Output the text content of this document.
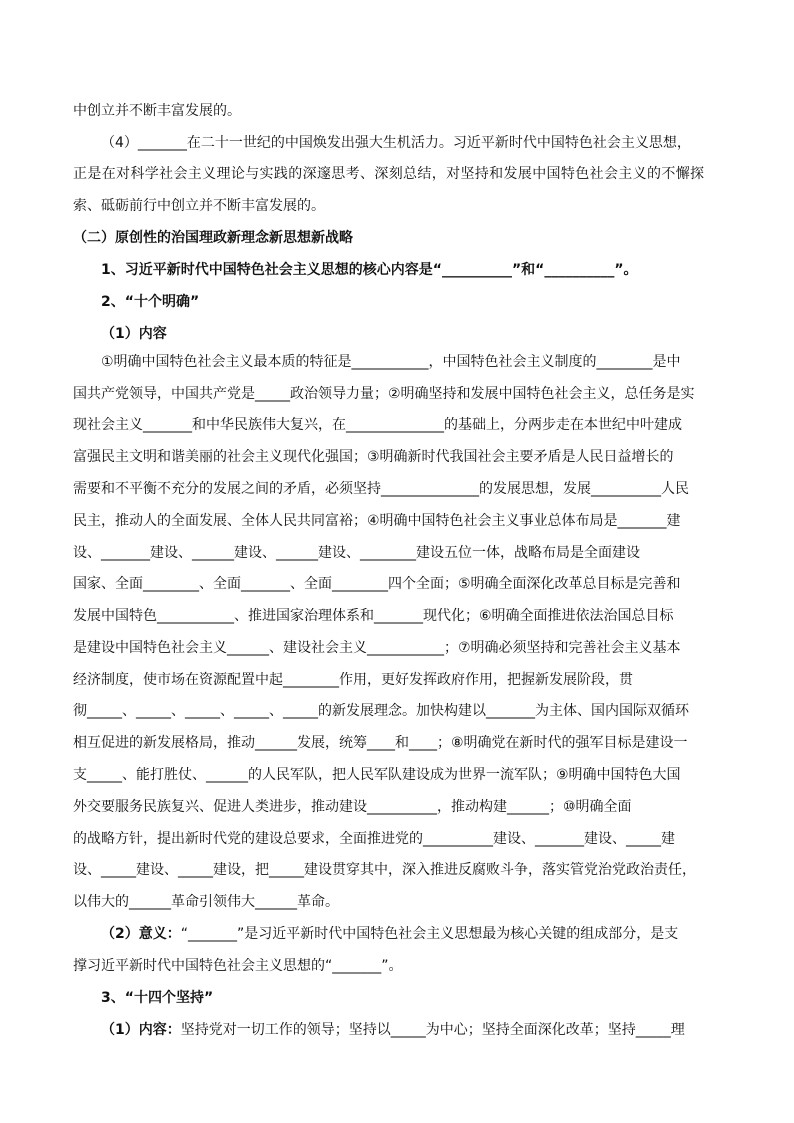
中创立并不断丰富发展的。
（4）_______在二十一世纪的中国焕发出强大生机活力。习近平新时代中国特色社会主义思想，
正是在对科学社会主义理论与实践的深邃思考、深刻总结，对坚持和发展中国特色社会主义的不懈探
索、砥砺前行中创立并不断丰富发展的。
（二）原创性的治国理政新理念新思想新战略
1、习近平新时代中国特色社会主义思想的核心内容是“__________”和“__________”。
2、“十个明确”
（1）内容
①明确中国特色社会主义最本质的特征是___________，中国特色社会主义制度的________是中
国共产党领导，中国共产党是_____政治领导力量；②明确坚持和发展中国特色社会主义，总任务是实
现社会主义_______和中华民族伟大复兴，在______________的基础上，分两步走在本世纪中叶建成
富强民主文明和谐美丽的社会主义现代化强国；③明确新时代我国社会主要矛盾是人民日益增长的
需要和不平衡不充分的发展之间的矛盾，必须坚持______________的发展思想，发展__________人民
民主，推动人的全面发展、全体人民共同富裕；④明确中国特色社会主义事业总体布局是_______建
设、_______建设、______建设、______建设、________建设五位一体，战略布局是全面建设
国家、全面________、全面_______、全面________四个全面；⑤明确全面深化改革总目标是完善和
发展中国特色___________、推进国家治理体系和_______现代化；⑥明确全面推进依法治国总目标
是建设中国特色社会主义______、建设社会主义___________；⑦明确必须坚持和完善社会主义基本
经济制度，使市场在资源配置中起________作用，更好发挥政府作用，把握新发展阶段，贯
彻_____、_____、_____、_____、_____的新发展理念。加快构建以_______为主体、国内国际双循环
相互促进的新发展格局，推动______发展，统筹____和____；⑧明确党在新时代的强军目标是建设一
支_____、能打胜仗、______的人民军队，把人民军队建设成为世界一流军队；⑨明确中国特色大国
外交要服务民族复兴、促进人类进步，推动建设__________，推动构建______；⑩明确全面
的战略方针，提出新时代党的建设总要求，全面推进党的__________建设、_______建设、_____建
设、_____建设、_____建设，把_____建设贯穿其中，深入推进反腐败斗争，落实管党治党政治责任，
以伟大的______革命引领伟大______革命。
（2）意义：“_______”是习近平新时代中国特色社会主义思想最为核心关键的组成部分，是支
撑习近平新时代中国特色社会主义思想的“_______”。
3、“十四个坚持”
（1）内容：坚持党对一切工作的领导；坚持以_____为中心；坚持全面深化改革；坚持_____理
